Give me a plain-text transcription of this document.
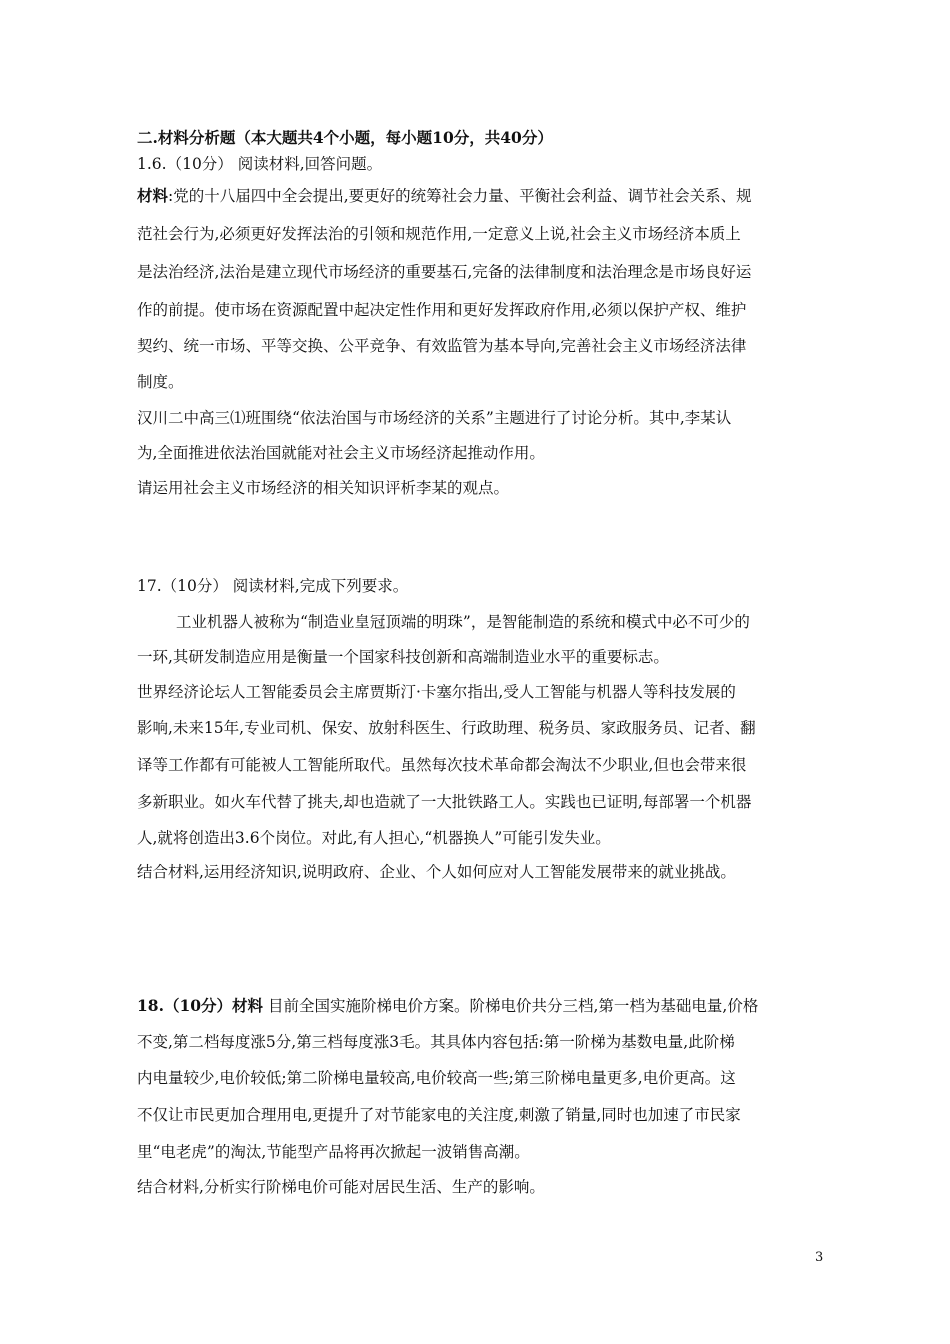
二.材料分析题（本大题共4个小题，每小题10分，共40分）
1.6.（10分） 阅读材料,回答问题。
材料:党的十八届四中全会提出,要更好的统筹社会力量、平衡社会利益、调节社会关系、规
范社会行为,必须更好发挥法治的引领和规范作用,一定意义上说,社会主义市场经济本质上
是法治经济,法治是建立现代市场经济的重要基石,完备的法律制度和法治理念是市场良好运
作的前提。使市场在资源配置中起决定性作用和更好发挥政府作用,必须以保护产权、维护
契约、统一市场、平等交换、公平竞争、有效监管为基本导向,完善社会主义市场经济法律
制度。
汉川二中高三⑴班围绕“依法治国与市场经济的关系”主题进行了讨论分析。其中,李某认
为,全面推进依法治国就能对社会主义市场经济起推动作用。
请运用社会主义市场经济的相关知识评析李某的观点。
17.（10分） 阅读材料,完成下列要求。
工业机器人被称为“制造业皇冠顶端的明珠”，是智能制造的系统和模式中必不可少的
一环,其研发制造应用是衡量一个国家科技创新和高端制造业水平的重要标志。
世界经济论坛人工智能委员会主席贾斯汀·卡塞尔指出,受人工智能与机器人等科技发展的
影响,未来15年,专业司机、保安、放射科医生、行政助理、税务员、家政服务员、记者、翻
译等工作都有可能被人工智能所取代。虽然每次技术革命都会淘汰不少职业,但也会带来很
多新职业。如火车代替了挑夫,却也造就了一大批铁路工人。实践也已证明,每部署一个机器
人,就将创造出3.6个岗位。对此,有人担心,“机器换人”可能引发失业。
结合材料,运用经济知识,说明政府、企业、个人如何应对人工智能发展带来的就业挑战。
18.（10分）材料 目前全国实施阶梯电价方案。阶梯电价共分三档,第一档为基础电量,价格
不变,第二档每度涨5分,第三档每度涨3毛。其具体内容包括:第一阶梯为基数电量,此阶梯
内电量较少,电价较低;第二阶梯电量较高,电价较高一些;第三阶梯电量更多,电价更高。这
不仅让市民更加合理用电,更提升了对节能家电的关注度,刺激了销量,同时也加速了市民家
里“电老虎”的淘汰,节能型产品将再次掀起一波销售高潮。
结合材料,分析实行阶梯电价可能对居民生活、生产的影响。
3
